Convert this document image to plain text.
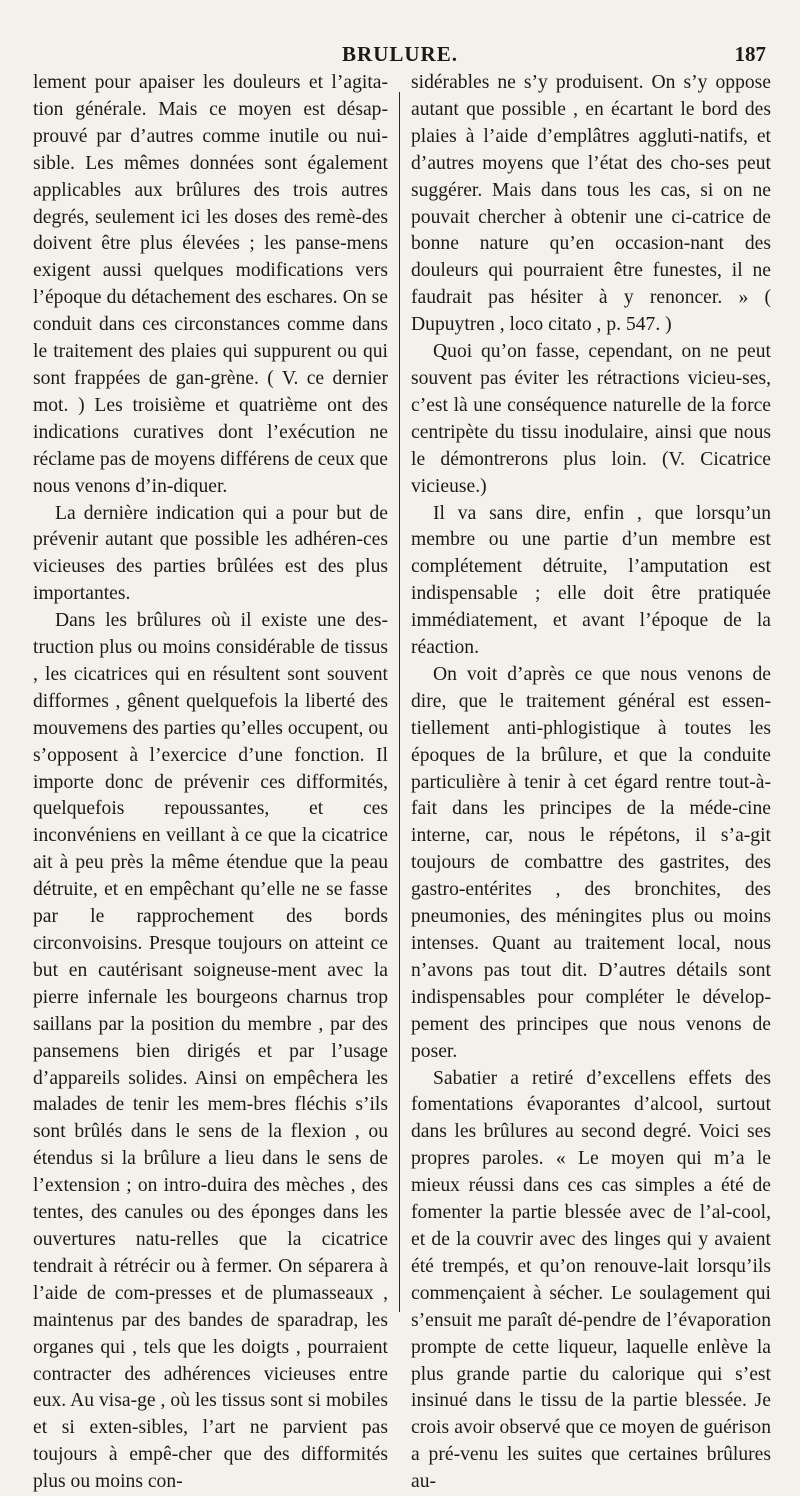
BRULURE.	187

lement pour apaiser les douleurs et l’agita-tion générale. Mais ce moyen est désap-prouvé par d’autres comme inutile ou nui-sible. Les mêmes données sont également applicables aux brûlures des trois autres degrés, seulement ici les doses des remè-des doivent être plus élevées ; les panse-mens exigent aussi quelques modifications vers l’époque du détachement des eschares. On se conduit dans ces circonstances comme dans le traitement des plaies qui suppurent ou qui sont frappées de gan-grène. ( V. ce dernier mot. ) Les troisième et quatrième ont des indications curatives dont l’exécution ne réclame pas de moyens différens de ceux que nous venons d’in-diquer.

La dernière indication qui a pour but de prévenir autant que possible les adhéren-ces vicieuses des parties brûlées est des plus importantes.

Dans les brûlures où il existe une des-truction plus ou moins considérable de tissus , les cicatrices qui en résultent sont souvent difformes , gênent quelquefois la liberté des mouvemens des parties qu’elles occupent, ou s’opposent à l’exercice d’une fonction. Il importe donc de prévenir ces difformités, quelquefois repoussantes, et ces inconvéniens en veillant à ce que la cicatrice ait à peu près la même étendue que la peau détruite, et en empêchant qu’elle ne se fasse par le rapprochement des bords circonvoisins. Presque toujours on atteint ce but en cautérisant soigneuse-ment avec la pierre infernale les bourgeons charnus trop saillans par la position du membre , par des pansemens bien dirigés et par l’usage d’appareils solides. Ainsi on empêchera les malades de tenir les mem-bres fléchis s’ils sont brûlés dans le sens de la flexion , ou étendus si la brûlure a lieu dans le sens de l’extension ; on intro-duira des mèches , des tentes, des canules ou des éponges dans les ouvertures natu-relles que la cicatrice tendrait à rétrécir ou à fermer. On séparera à l’aide de com-presses et de plumasseaux , maintenus par des bandes de sparadrap, les organes qui , tels que les doigts , pourraient contracter des adhérences vicieuses entre eux. Au visa-ge , où les tissus sont si mobiles et si exten-sibles, l’art ne parvient pas toujours à empê-cher que des difformités plus ou moins con-

sidérables ne s’y produisent. On s’y oppose autant que possible , en écartant le bord des plaies à l’aide d’emplâtres aggluti-natifs, et d’autres moyens que l’état des cho-ses peut suggérer. Mais dans tous les cas, si on ne pouvait chercher à obtenir une ci-catrice de bonne nature qu’en occasion-nant des douleurs qui pourraient être funestes, il ne faudrait pas hésiter à y renoncer. » ( Dupuytren , loco citato , p. 547. )

Quoi qu’on fasse, cependant, on ne peut souvent pas éviter les rétractions vicieu-ses, c’est là une conséquence naturelle de la force centripète du tissu inodulaire, ainsi que nous le démontrerons plus loin. (V. Cicatrice vicieuse.)

Il va sans dire, enfin , que lorsqu’un membre ou une partie d’un membre est complétement détruite, l’amputation est indispensable ; elle doit être pratiquée immédiatement, et avant l’époque de la réaction.

On voit d’après ce que nous venons de dire, que le traitement général est essen-tiellement anti-phlogistique à toutes les époques de la brûlure, et que la conduite particulière à tenir à cet égard rentre tout-à-fait dans les principes de la méde-cine interne, car, nous le répétons, il s’a-git toujours de combattre des gastrites, des gastro-entérites , des bronchites, des pneumonies, des méningites plus ou moins intenses. Quant au traitement local, nous n’avons pas tout dit. D’autres détails sont indispensables pour compléter le dévelop-pement des principes que nous venons de poser.

Sabatier a retiré d’excellens effets des fomentations évaporantes d’alcool, surtout dans les brûlures au second degré. Voici ses propres paroles. « Le moyen qui m’a le mieux réussi dans ces cas simples a été de fomenter la partie blessée avec de l’al-cool, et de la couvrir avec des linges qui y avaient été trempés, et qu’on renouve-lait lorsqu’ils commençaient à sécher. Le soulagement qui s’ensuit me paraît dé-pendre de l’évaporation prompte de cette liqueur, laquelle enlève la plus grande partie du calorique qui s’est insinué dans le tissu de la partie blessée. Je crois avoir observé que ce moyen de guérison a pré-venu les suites que certaines brûlures au-
